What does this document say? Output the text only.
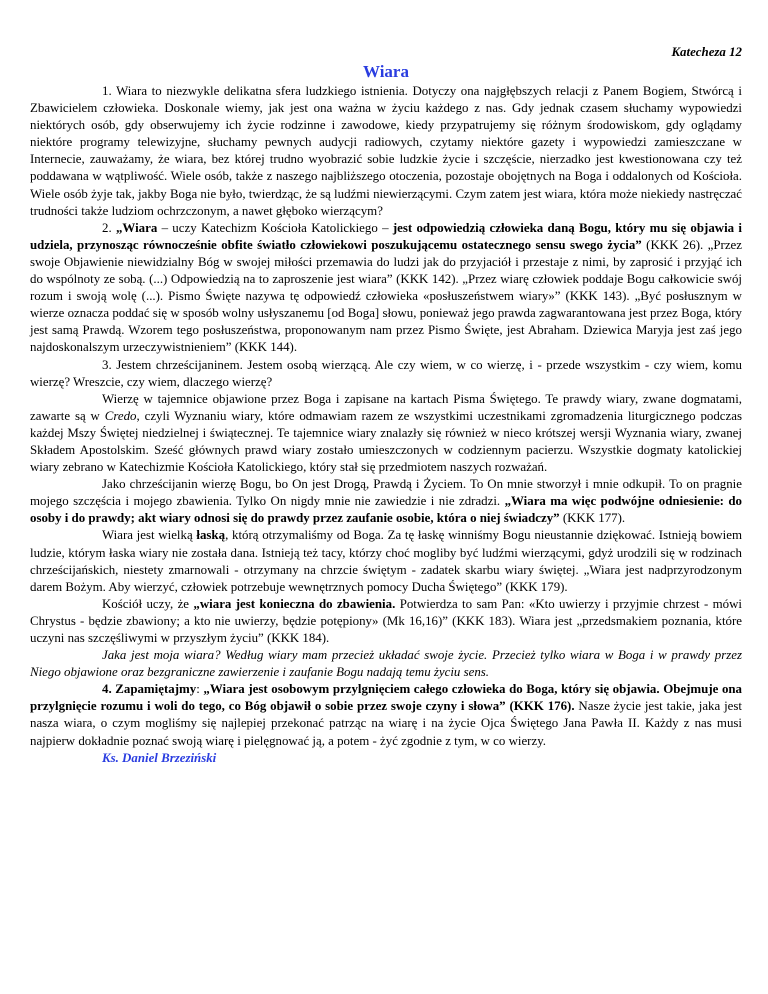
Katecheza 12
Wiara

1. Wiara to niezwykle delikatna sfera ludzkiego istnienia. Dotyczy ona najgłębszych relacji z Panem Bogiem, Stwórcą i Zbawicielem człowieka. Doskonale wiemy, jak jest ona ważna w życiu każdego z nas. Gdy jednak czasem słuchamy wypowiedzi niektórych osób, gdy obserwujemy ich życie rodzinne i zawodowe, kiedy przypatrujemy się różnym środowiskom, gdy oglądamy niektóre programy telewizyjne, słuchamy pewnych audycji radiowych, czytamy niektóre gazety i wypowiedzi zamieszczane w Internecie, zauważamy, że wiara, bez której trudno wyobrazić sobie ludzkie życie i szczęście, nierzadko jest kwestionowana czy też poddawana w wątpliwość. Wiele osób, także z naszego najbliższego otoczenia, pozostaje obojętnych na Boga i oddalonych od Kościoła. Wiele osób żyje tak, jakby Boga nie było, twierdząc, że są ludźmi niewierzącymi. Czym zatem jest wiara, która może niekiedy nastręczać trudności także ludziom ochrzczonym, a nawet głęboko wierzącym?

2. „Wiara – uczy Katechizm Kościoła Katolickiego – jest odpowiedzią człowieka daną Bogu, który mu się objawia i udziela, przynosząc równocześnie obfite światło człowiekowi poszukującemu ostatecznego sensu swego życia” (KKK 26). „Przez swoje Objawienie niewidzialny Bóg w swojej miłości przemawia do ludzi jak do przyjaciół i przestaje z nimi, by zaprosić i przyjąć ich do wspólnoty ze sobą. (...) Odpowiedzią na to zaproszenie jest wiara” (KKK 142). „Przez wiarę człowiek poddaje Bogu całkowicie swój rozum i swoją wolę (...). Pismo Święte nazywa tę odpowiedź człowieka «posłuszeństwem wiary»” (KKK 143). „Być posłusznym w wierze oznacza poddać się w sposób wolny usłyszanemu [od Boga] słowu, ponieważ jego prawda zagwarantowana jest przez Boga, który jest samą Prawdą. Wzorem tego posłuszeństwa, proponowanym nam przez Pismo Święte, jest Abraham. Dziewica Maryja jest zaś jego najdoskonalszym urzeczywistnieniem” (KKK 144).

3. Jestem chrześcijaninem. Jestem osobą wierzącą. Ale czy wiem, w co wierzę, i - przede wszystkim - czy wiem, komu wierzę? Wreszcie, czy wiem, dlaczego wierzę?

Wierzę w tajemnice objawione przez Boga i zapisane na kartach Pisma Świętego. Te prawdy wiary, zwane dogmatami, zawarte są w Credo, czyli Wyznaniu wiary, które odmawiam razem ze wszystkimi uczestnikami zgromadzenia liturgicznego podczas każdej Mszy Świętej niedzielnej i świątecznej. Te tajemnice wiary znalazły się również w nieco krótszej wersji Wyznania wiary, zwanej Składem Apostolskim. Sześć głównych prawd wiary zostało umieszczonych w codziennym pacierzu. Wszystkie dogmaty katolickiej wiary zebrano w Katechizmie Kościoła Katolickiego, który stał się przedmiotem naszych rozważań.

Jako chrześcijanin wierzę Bogu, bo On jest Drogą, Prawdą i Życiem. To On mnie stworzył i mnie odkupił. To on pragnie mojego szczęścia i mojego zbawienia. Tylko On nigdy mnie nie zawiedzie i nie zdradzi. „Wiara ma więc podwójne odniesienie: do osoby i do prawdy; akt wiary odnosi się do prawdy przez zaufanie osobie, która o niej świadczy” (KKK 177).

Wiara jest wielką łaską, którą otrzymaliśmy od Boga. Za tę łaskę winniśmy Bogu nieustannie dziękować. Istnieją bowiem ludzie, którym łaska wiary nie została dana. Istnieją też tacy, którzy choć mogliby być ludźmi wierzącymi, gdyż urodzili się w rodzinach chrześcijańskich, niestety zmarnowali - otrzymany na chrzcie świętym - zadatek skarbu wiary świętej. „Wiara jest nadprzyrodzonym darem Bożym. Aby wierzyć, człowiek potrzebuje wewnętrznych pomocy Ducha Świętego” (KKK 179).

Kościół uczy, że „wiara jest konieczna do zbawienia. Potwierdza to sam Pan: «Kto uwierzy i przyjmie chrzest - mówi Chrystus - będzie zbawiony; a kto nie uwierzy, będzie potępiony» (Mk 16,16)” (KKK 183). Wiara jest „przedsmakiem poznania, które uczyni nas szczęśliwymi w przyszłym życiu” (KKK 184).

Jaka jest moja wiara? Według wiary mam przecież układać swoje życie. Przecież tylko wiara w Boga i w prawdy przez Niego objawione oraz bezgraniczne zawierzenie i zaufanie Bogu nadają temu życiu sens.

4. Zapamiętajmy: „Wiara jest osobowym przylgnięciem całego człowieka do Boga, który się objawia. Obejmuje ona przylgnięcie rozumu i woli do tego, co Bóg objawił o sobie przez swoje czyny i słowa” (KKK 176). Nasze życie jest takie, jaka jest nasza wiara, o czym mogliśmy się najlepiej przekonać patrząc na wiarę i na życie Ojca Świętego Jana Pawła II. Każdy z nas musi najpierw dokładnie poznać swoją wiarę i pielęgnować ją, a potem - żyć zgodnie z tym, w co wierzy.

Ks. Daniel Brzeziński
